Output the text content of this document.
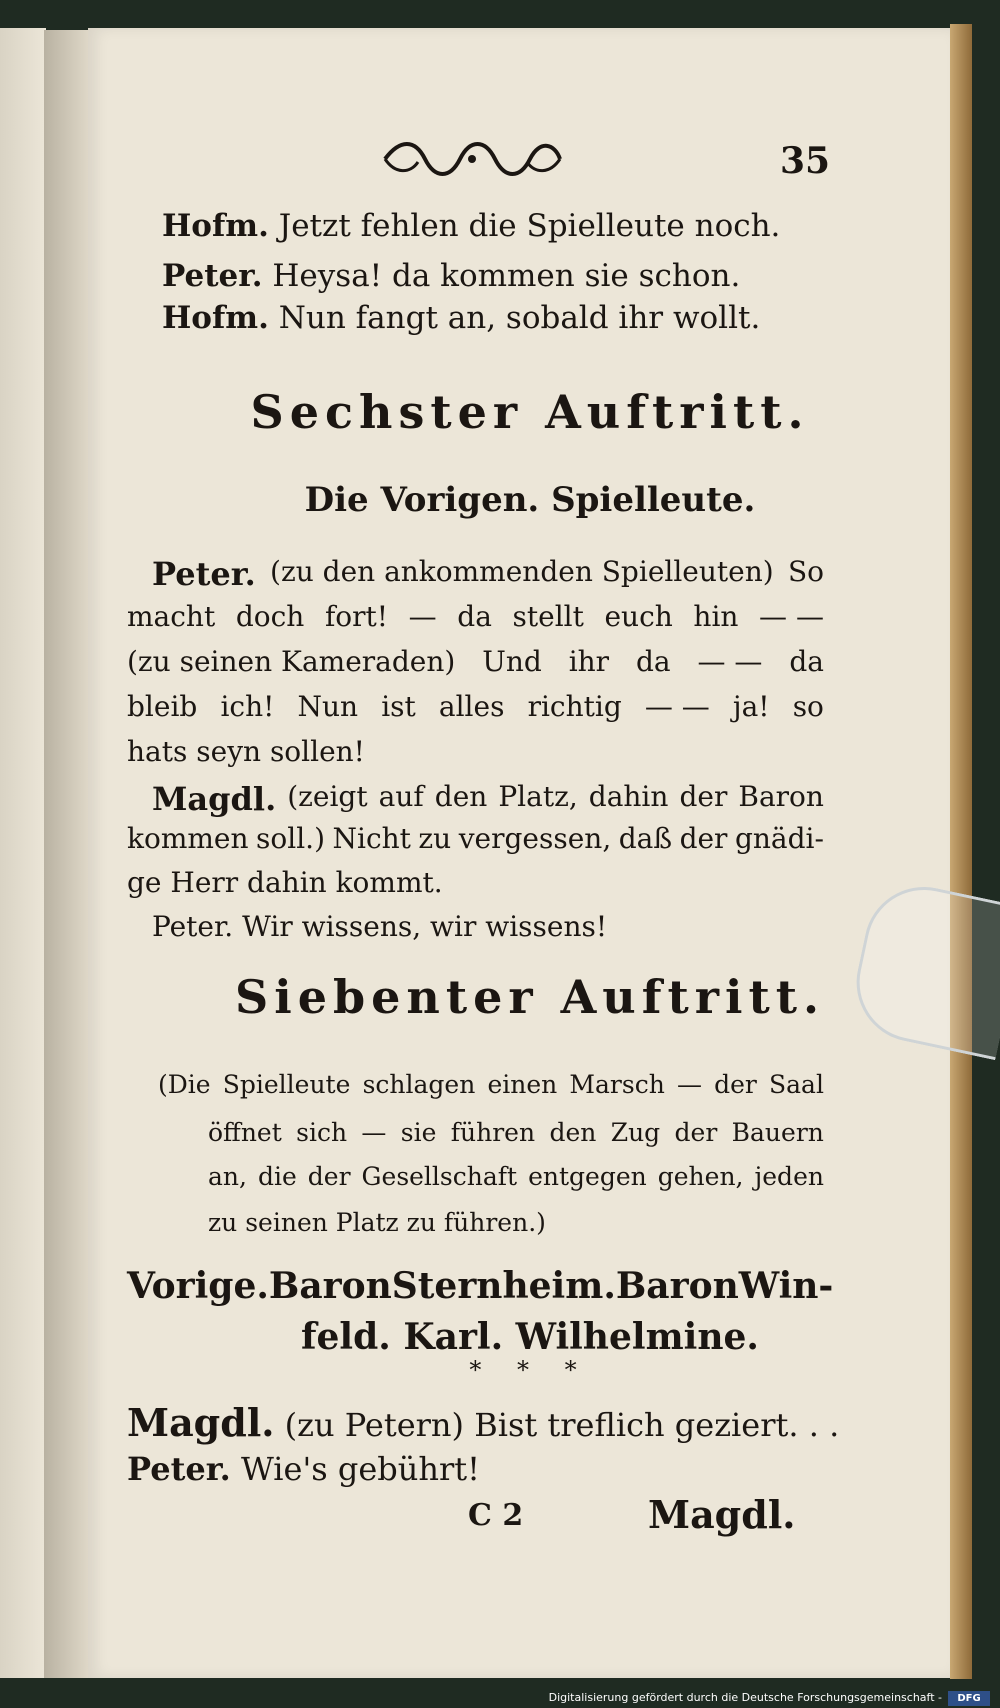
35
Hofm. Jetzt fehlen die Spielleute noch.
Peter. Heysa! da kommen sie schon.
Hofm. Nun fangt an, sobald ihr wollt.
Sechster Auftritt.
Die Vorigen. Spielleute.
Peter. (zu den ankommenden Spielleuten) So
macht doch fort! — da stellt euch hin — —
(zu seinen Kameraden) Und ihr da — — da
bleib ich! Nun ist alles richtig — — ja! so
hats seyn sollen!
Magdl. (zeigt auf den Platz, dahin der Baron
kommen soll.) Nicht zu vergessen, daß der gnädi-
ge Herr dahin kommt.
Peter. Wir wissens, wir wissens!
Siebenter Auftritt.
(Die Spielleute schlagen einen Marsch — der Saal
öffnet sich — sie führen den Zug der Bauern
an, die der Gesellschaft entgegen gehen, jeden
zu seinen Platz zu führen.)
Vorige. Baron Sternheim. Baron Win-
feld. Karl. Wilhelmine.
* * *
Magdl. (zu Petern) Bist treflich geziert. . .
Peter. Wie's gebührt!
C 2	Magdl.
Digitalisierung gefördert durch die Deutsche Forschungsgemeinschaft -	DFG
